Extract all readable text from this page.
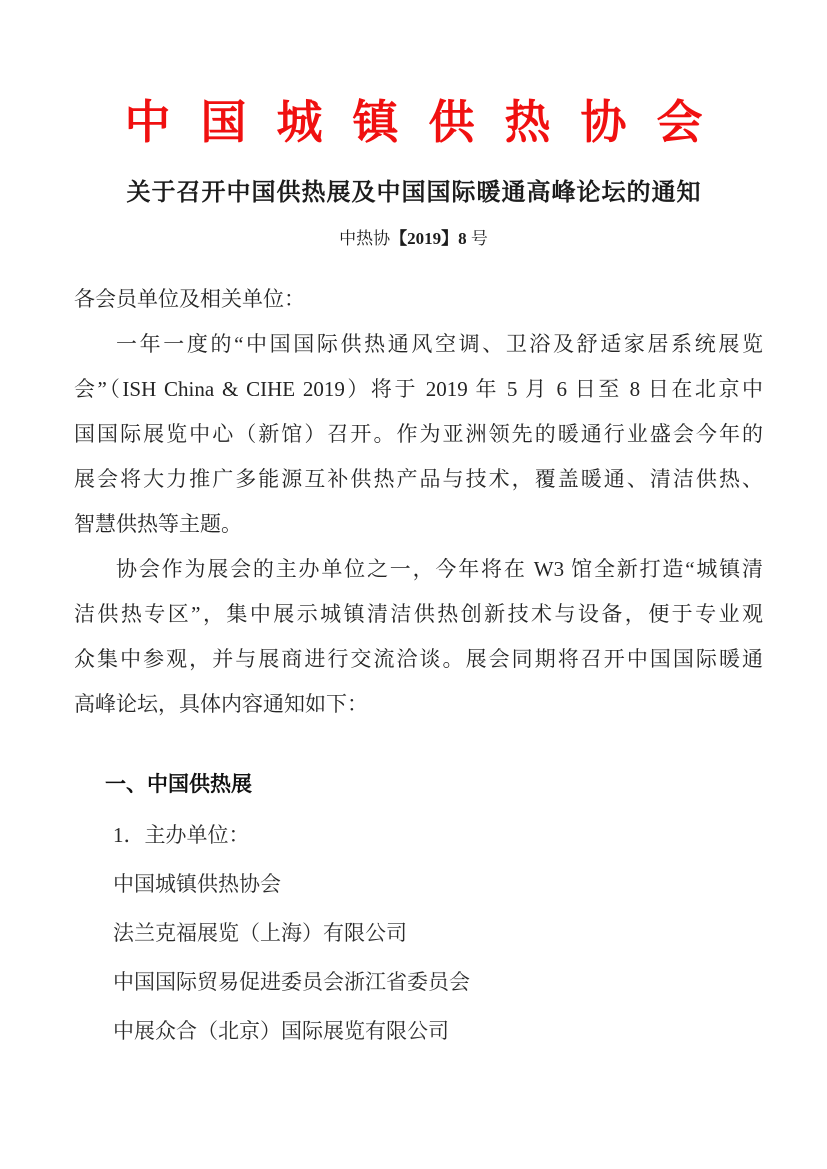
中国城镇供热协会
关于召开中国供热展及中国国际暖通高峰论坛的通知
中热协【2019】8 号
各会员单位及相关单位：
一年一度的“中国国际供热通风空调、卫浴及舒适家居系统展览
会”（ISH China & CIHE 2019）将于 2019 年 5 月 6 日至 8 日在北京中
国国际展览中心（新馆）召开。作为亚洲领先的暖通行业盛会今年的
展会将大力推广多能源互补供热产品与技术，覆盖暖通、清洁供热、
智慧供热等主题。
协会作为展会的主办单位之一，今年将在 W3 馆全新打造“城镇清
洁供热专区”，集中展示城镇清洁供热创新技术与设备，便于专业观
众集中参观，并与展商进行交流洽谈。展会同期将召开中国国际暖通
高峰论坛，具体内容通知如下：
一、中国供热展
1．主办单位：
中国城镇供热协会
法兰克福展览（上海）有限公司
中国国际贸易促进委员会浙江省委员会
中展众合（北京）国际展览有限公司
